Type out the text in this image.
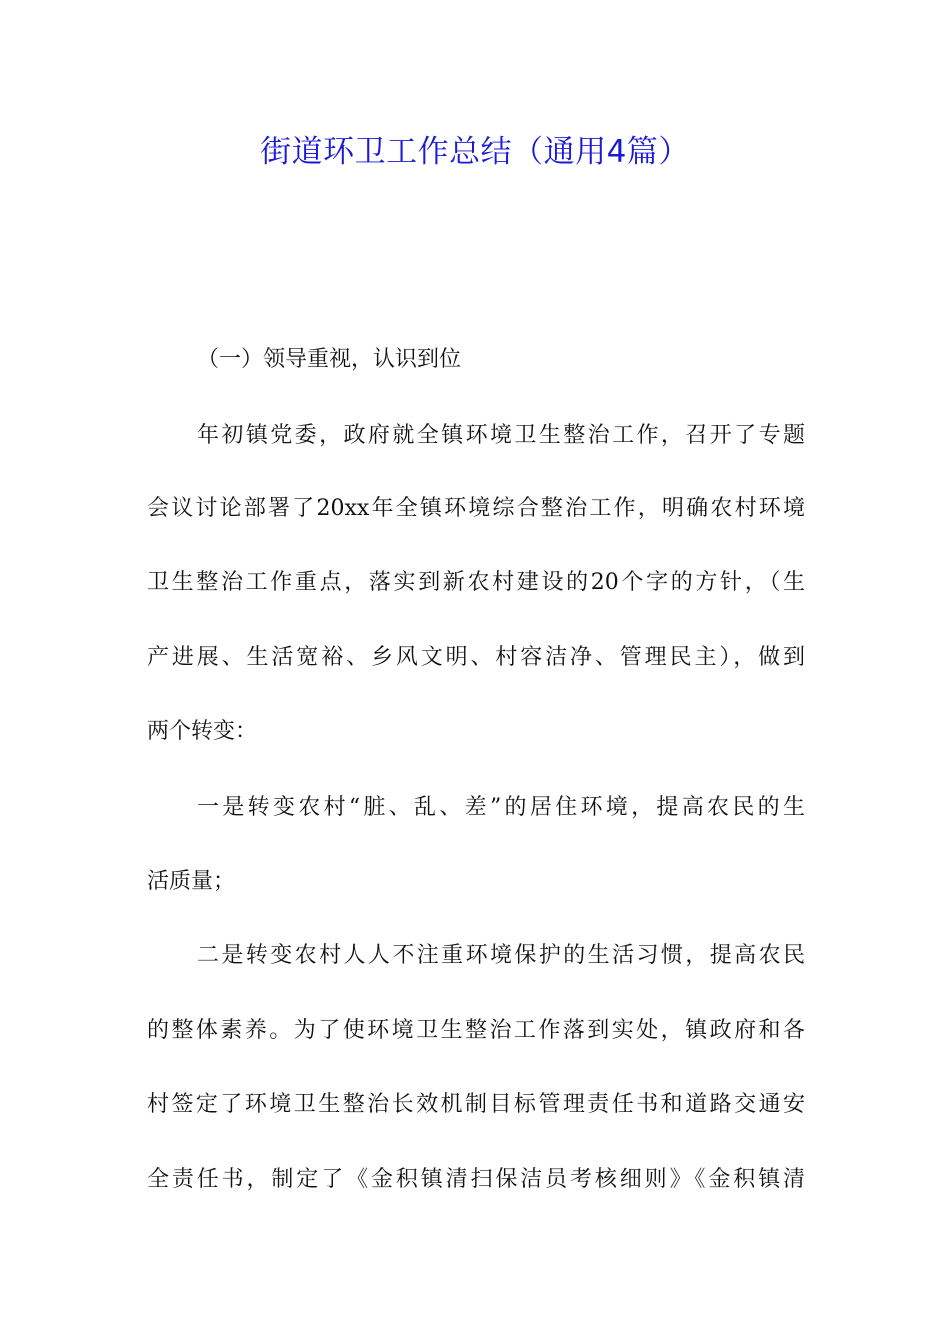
街道环卫工作总结（通用4篇）
（一）领导重视，认识到位
年初镇党委，政府就全镇环境卫生整治工作，召开了专题
会议讨论部署了20xx年全镇环境综合整治工作，明确农村环境
卫生整治工作重点，落实到新农村建设的20个字的方针，（生
产进展、生活宽裕、乡风文明、村容洁净、管理民主），做到
两个转变：
一是转变农村“脏、乱、差”的居住环境，提高农民的生
活质量；
二是转变农村人人不注重环境保护的生活习惯，提高农民
的整体素养。为了使环境卫生整治工作落到实处，镇政府和各
村签定了环境卫生整治长效机制目标管理责任书和道路交通安
全责任书，制定了《金积镇清扫保洁员考核细则》《金积镇清
